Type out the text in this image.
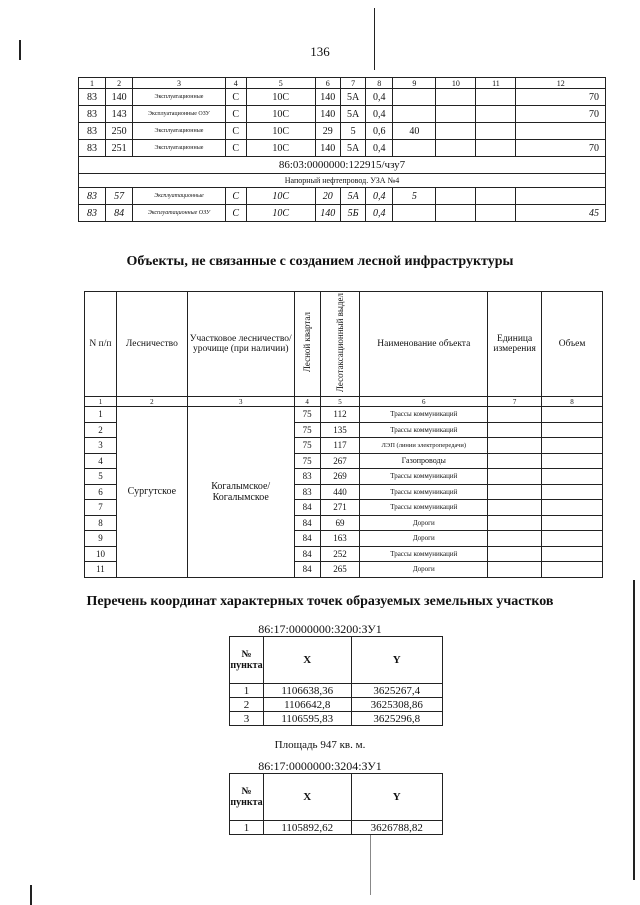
136
1	2	3	4	5	6	7	8	9	10	11	12
83	140	Эксплуатационные	С	10С	140	5А	0,4				70
83	143	Эксплуатационные ОЗУ	С	10С	140	5А	0,4				70
83	250	Эксплуатационные	С	10С	29	5	0,6	40			
83	251	Эксплуатационные	С	10С	140	5А	0,4				70
86:03:0000000:122915/чзу7											
Напорный нефтепровод. УЗА №4											
83	57	Эксплуатационные	С	10С	20	5А	0,4	5			
83	84	Эксплуатационные ОЗУ	С	10С	140	5Б	0,4				45
Объекты, не связанные с созданием лесной инфраструктуры
N п/п	Лесничество	Участковое лесничество/урочище (при наличии)	Лесной квартал	Лесотаксационный выдел	Наименование объекта	Единица измерения	Объем
1	2	3	4	5	6	7	8
1	Сургутское	Когалымское/ Когалымское	75	112	Трассы коммуникаций		
2			75	135	Трассы коммуникаций		
3			75	117	ЛЭП (линии электропередачи)		
4			75	267	Газопроводы		
5			83	269	Трассы коммуникаций		
6			83	440	Трассы коммуникаций		
7			84	271	Трассы коммуникаций		
8			84	69	Дороги		
9			84	163	Дороги		
10			84	252	Трассы коммуникаций		
11			84	265	Дороги		
Перечень координат характерных точек образуемых земельных участков
86:17:0000000:3200:ЗУ1
№ пункта	X	Y
1	1106638,36	3625267,4
2	1106642,8	3625308,86
3	1106595,83	3625296,8
Площадь 947 кв. м.
86:17:0000000:3204:ЗУ1
№ пункта	X	Y
1	1105892,62	3626788,82
